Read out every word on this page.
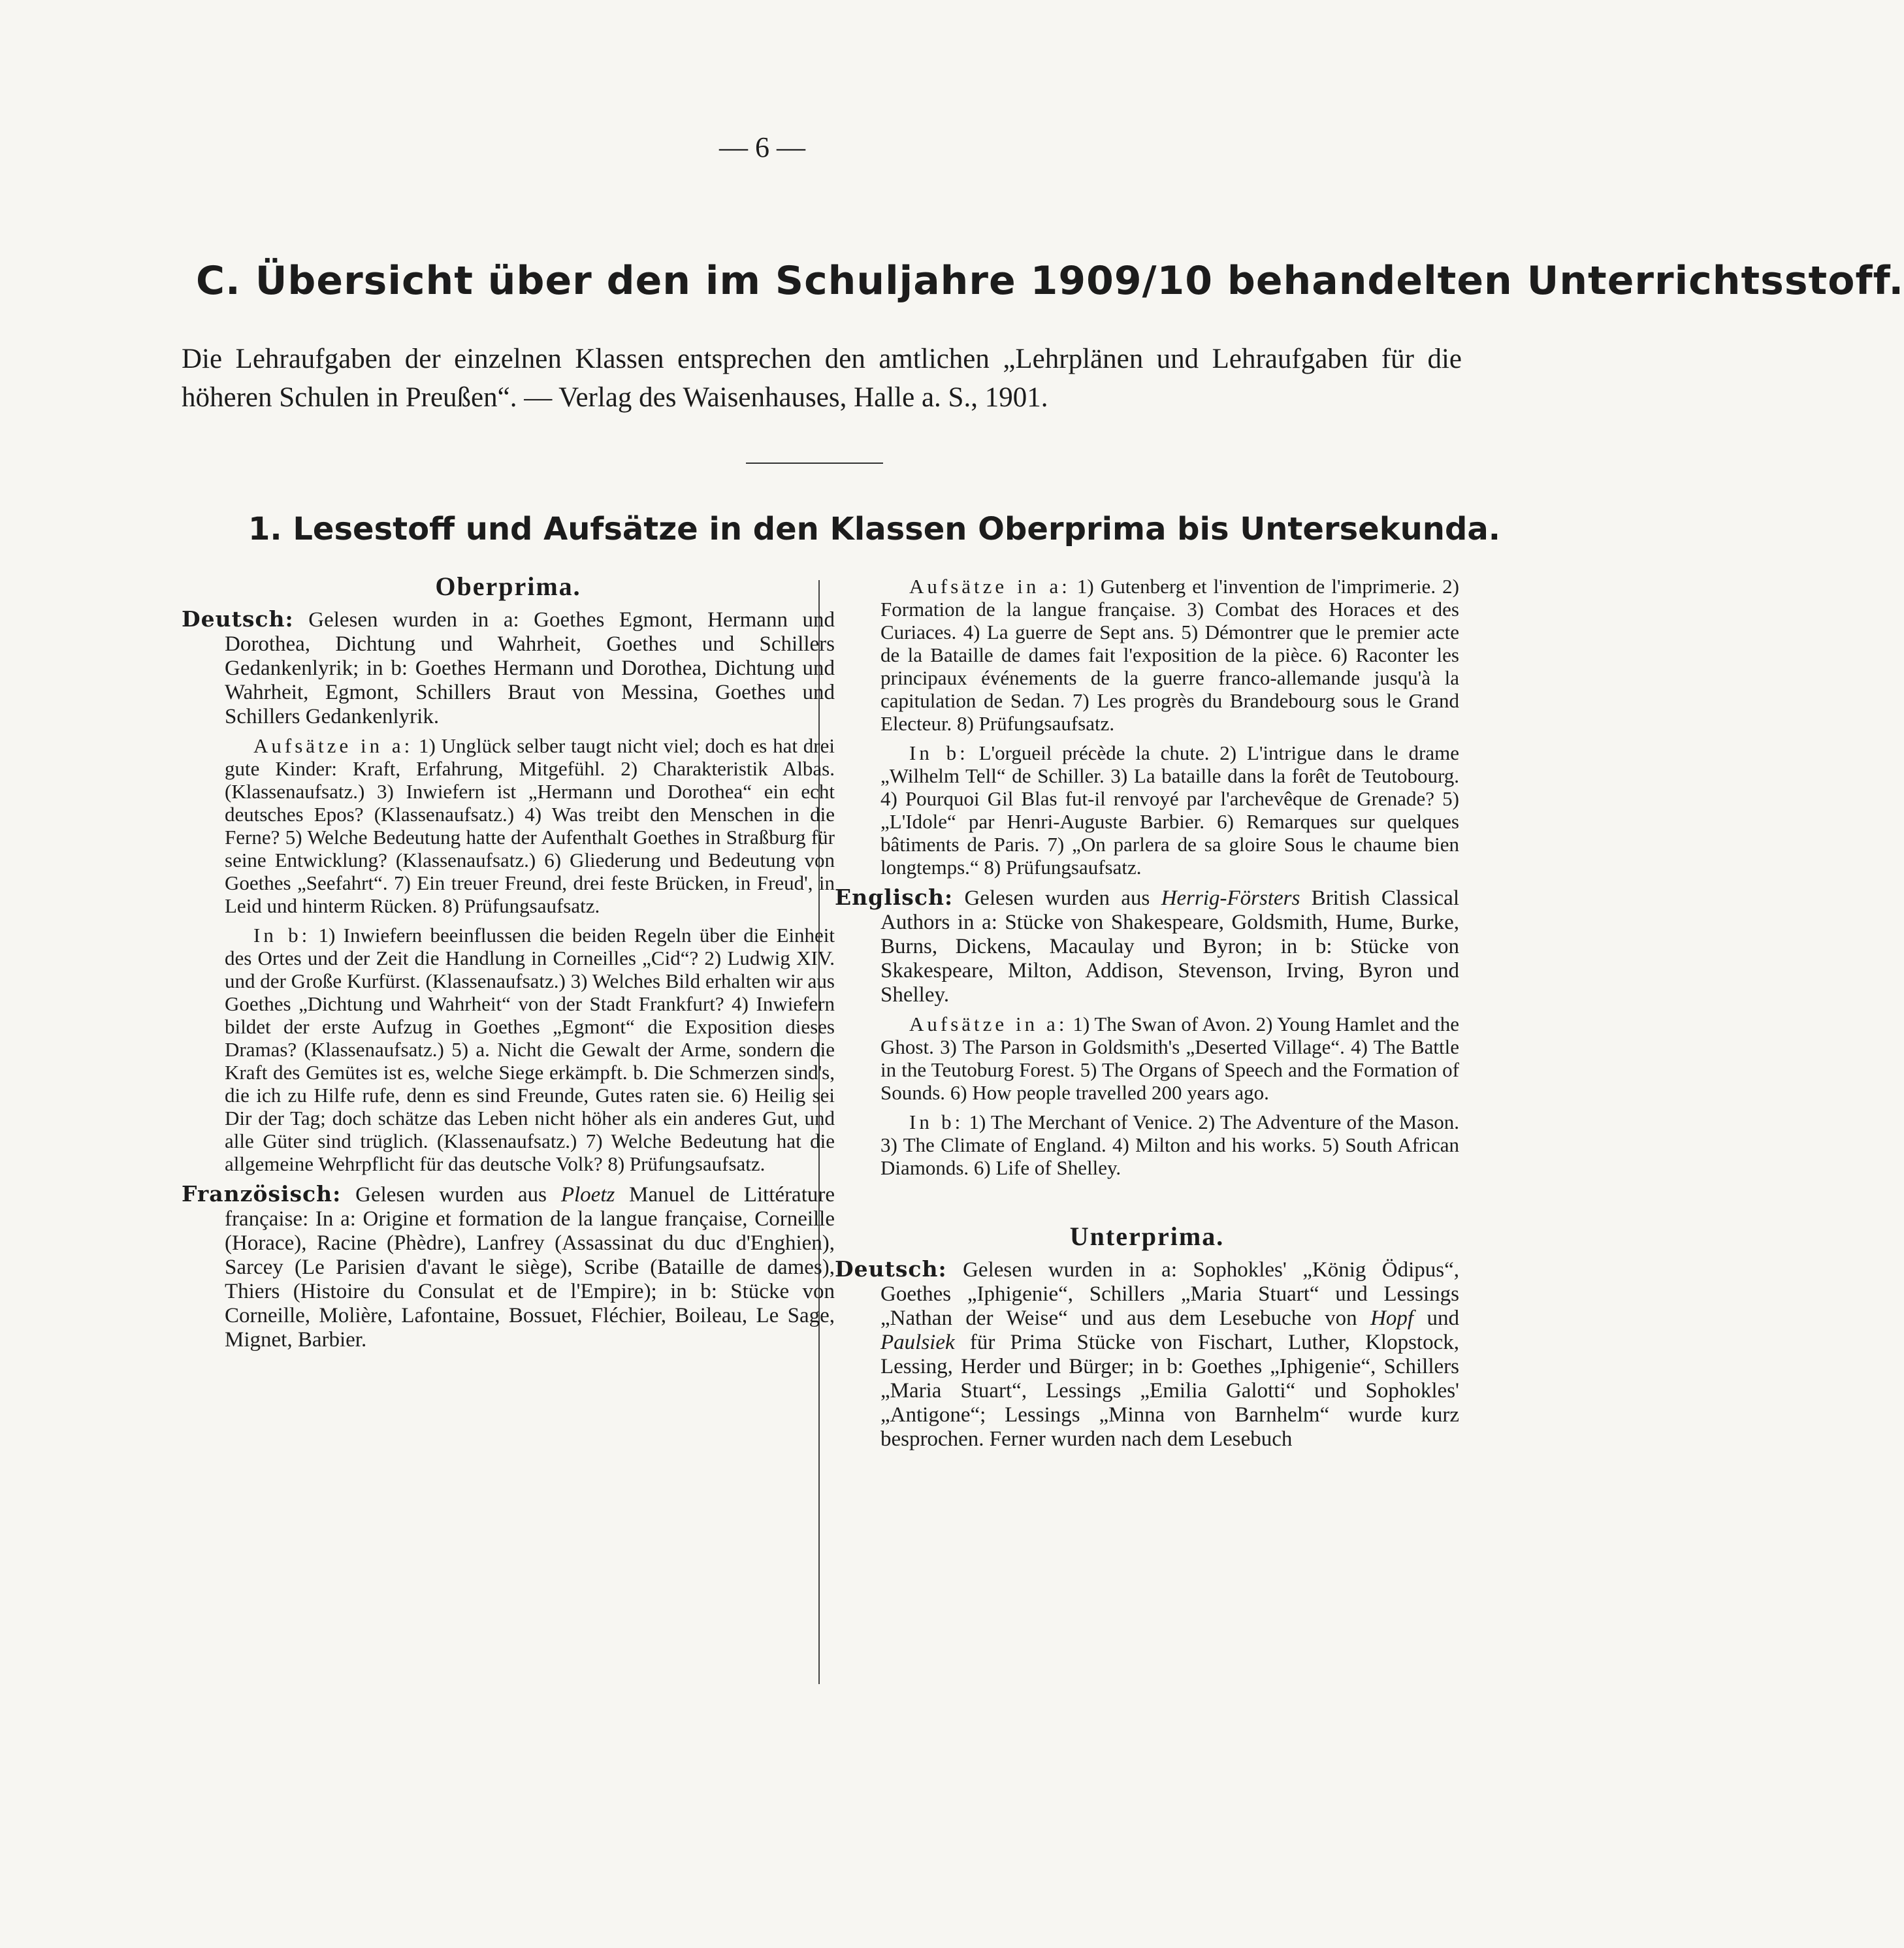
— 6 —
C. Übersicht über den im Schuljahre 1909/10 behandelten Unterrichtsstoff.
Die Lehraufgaben der einzelnen Klassen entsprechen den amtlichen „Lehrplänen und Lehraufgaben für die höheren Schulen in Preußen“. — Verlag des Waisenhauses, Halle a. S., 1901.
1. Lesestoff und Aufsätze in den Klassen Oberprima bis Untersekunda.
Oberprima.
Deutsch: Gelesen wurden in a: Goethes Egmont, Hermann und Dorothea, Dichtung und Wahrheit, Goethes und Schillers Gedankenlyrik; in b: Goethes Hermann und Dorothea, Dichtung und Wahrheit, Egmont, Schillers Braut von Messina, Goethes und Schillers Gedankenlyrik.
Aufsätze in a: 1) Unglück selber taugt nicht viel; doch es hat drei gute Kinder: Kraft, Erfahrung, Mitgefühl. 2) Charakteristik Albas. (Klassenaufsatz.) 3) Inwiefern ist „Hermann und Dorothea“ ein echt deutsches Epos? (Klassenaufsatz.) 4) Was treibt den Menschen in die Ferne? 5) Welche Bedeutung hatte der Aufenthalt Goethes in Straßburg für seine Entwicklung? (Klassenaufsatz.) 6) Gliederung und Bedeutung von Goethes „Seefahrt“. 7) Ein treuer Freund, drei feste Brücken, in Freud', in Leid und hinterm Rücken. 8) Prüfungsaufsatz.
In b: 1) Inwiefern beeinflussen die beiden Regeln über die Einheit des Ortes und der Zeit die Handlung in Corneilles „Cid“? 2) Ludwig XIV. und der Große Kurfürst. (Klassenaufsatz.) 3) Welches Bild erhalten wir aus Goethes „Dichtung und Wahrheit“ von der Stadt Frankfurt? 4) Inwiefern bildet der erste Aufzug in Goethes „Egmont“ die Exposition dieses Dramas? (Klassenaufsatz.) 5) a. Nicht die Gewalt der Arme, sondern die Kraft des Gemütes ist es, welche Siege erkämpft. b. Die Schmerzen sind's, die ich zu Hilfe rufe, denn es sind Freunde, Gutes raten sie. 6) Heilig sei Dir der Tag; doch schätze das Leben nicht höher als ein anderes Gut, und alle Güter sind trüglich. (Klassenaufsatz.) 7) Welche Bedeutung hat die allgemeine Wehrpflicht für das deutsche Volk? 8) Prüfungsaufsatz.
Französisch: Gelesen wurden aus Ploetz Manuel de Littérature française: In a: Origine et formation de la langue française, Corneille (Horace), Racine (Phèdre), Lanfrey (Assassinat du duc d'Enghien), Sarcey (Le Parisien d'avant le siège), Scribe (Bataille de dames), Thiers (Histoire du Consulat et de l'Empire); in b: Stücke von Corneille, Molière, Lafontaine, Bossuet, Fléchier, Boileau, Le Sage, Mignet, Barbier.
Aufsätze in a: 1) Gutenberg et l'invention de l'imprimerie. 2) Formation de la langue française. 3) Combat des Horaces et des Curiaces. 4) La guerre de Sept ans. 5) Démontrer que le premier acte de la Bataille de dames fait l'exposition de la pièce. 6) Raconter les principaux événements de la guerre franco-allemande jusqu'à la capitulation de Sedan. 7) Les progrès du Brandebourg sous le Grand Electeur. 8) Prüfungsaufsatz.
In b: L'orgueil précède la chute. 2) L'intrigue dans le drame „Wilhelm Tell“ de Schiller. 3) La bataille dans la forêt de Teutobourg. 4) Pourquoi Gil Blas fut-il renvoyé par l'archevêque de Grenade? 5) „L'Idole“ par Henri-Auguste Barbier. 6) Remarques sur quelques bâtiments de Paris. 7) „On parlera de sa gloire Sous le chaume bien longtemps.“ 8) Prüfungsaufsatz.
Englisch: Gelesen wurden aus Herrig-Försters British Classical Authors in a: Stücke von Shakespeare, Goldsmith, Hume, Burke, Burns, Dickens, Macaulay und Byron; in b: Stücke von Skakespeare, Milton, Addison, Stevenson, Irving, Byron und Shelley.
Aufsätze in a: 1) The Swan of Avon. 2) Young Hamlet and the Ghost. 3) The Parson in Goldsmith's „Deserted Village“. 4) The Battle in the Teutoburg Forest. 5) The Organs of Speech and the Formation of Sounds. 6) How people travelled 200 years ago.
In b: 1) The Merchant of Venice. 2) The Adventure of the Mason. 3) The Climate of England. 4) Milton and his works. 5) South African Diamonds. 6) Life of Shelley.
Unterprima.
Deutsch: Gelesen wurden in a: Sophokles' „König Ödipus“, Goethes „Iphigenie“, Schillers „Maria Stuart“ und Lessings „Nathan der Weise“ und aus dem Lesebuche von Hopf und Paulsiek für Prima Stücke von Fischart, Luther, Klopstock, Lessing, Herder und Bürger; in b: Goethes „Iphigenie“, Schillers „Maria Stuart“, Lessings „Emilia Galotti“ und Sophokles' „Antigone“; Lessings „Minna von Barnhelm“ wurde kurz besprochen. Ferner wurden nach dem Lesebuch
